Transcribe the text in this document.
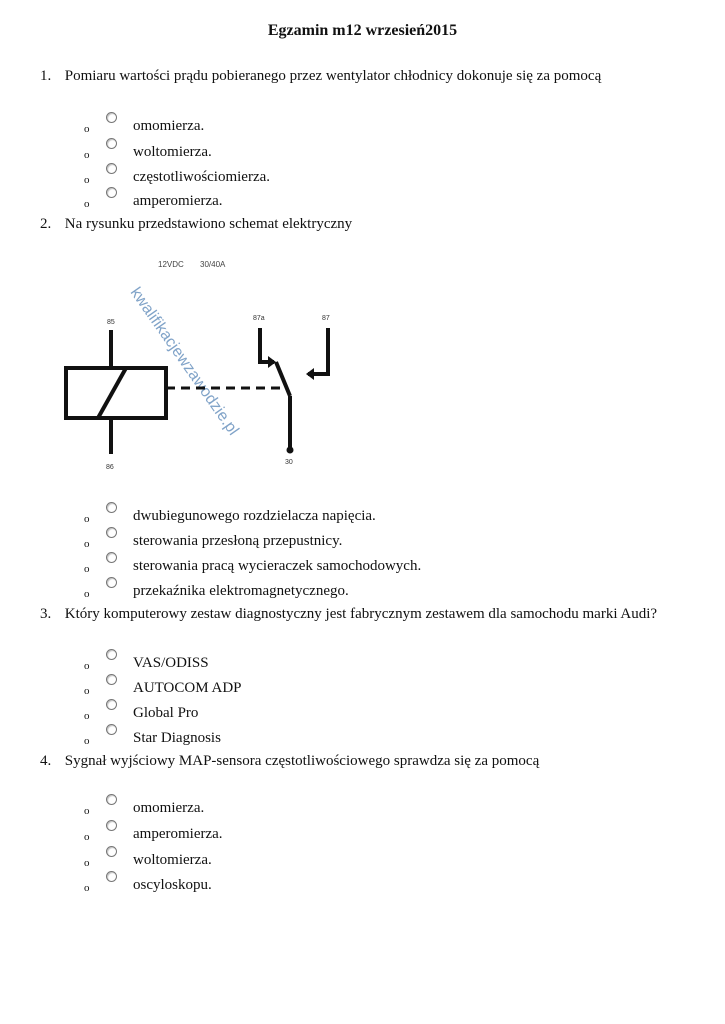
Egzamin m12 wrzesień2015
1. Pomiaru wartości prądu pobieranego przez wentylator chłodnicy dokonuje się za pomocą
o	omomierza.
o	woltomierza.
o	częstotliwościomierza.
o	amperomierza.
2. Na rysunku przedstawiono schemat elektryczny
12VDC 30/40A
kwalifikacjewzawodzie.pl
85
86
87a	87
30
o	dwubiegunowego rozdzielacza napięcia.
o	sterowania przesłoną przepustnicy.
o	sterowania pracą wycieraczek samochodowych.
o	przekaźnika elektromagnetycznego.
3. Który komputerowy zestaw diagnostyczny jest fabrycznym zestawem dla samochodu marki Audi?
o	VAS/ODISS
o	AUTOCOM ADP
o	Global Pro
o	Star Diagnosis
4. Sygnał wyjściowy MAP-sensora częstotliwościowego sprawdza się za pomocą
o	omomierza.
o	amperomierza.
o	woltomierza.
o	oscyloskopu.
